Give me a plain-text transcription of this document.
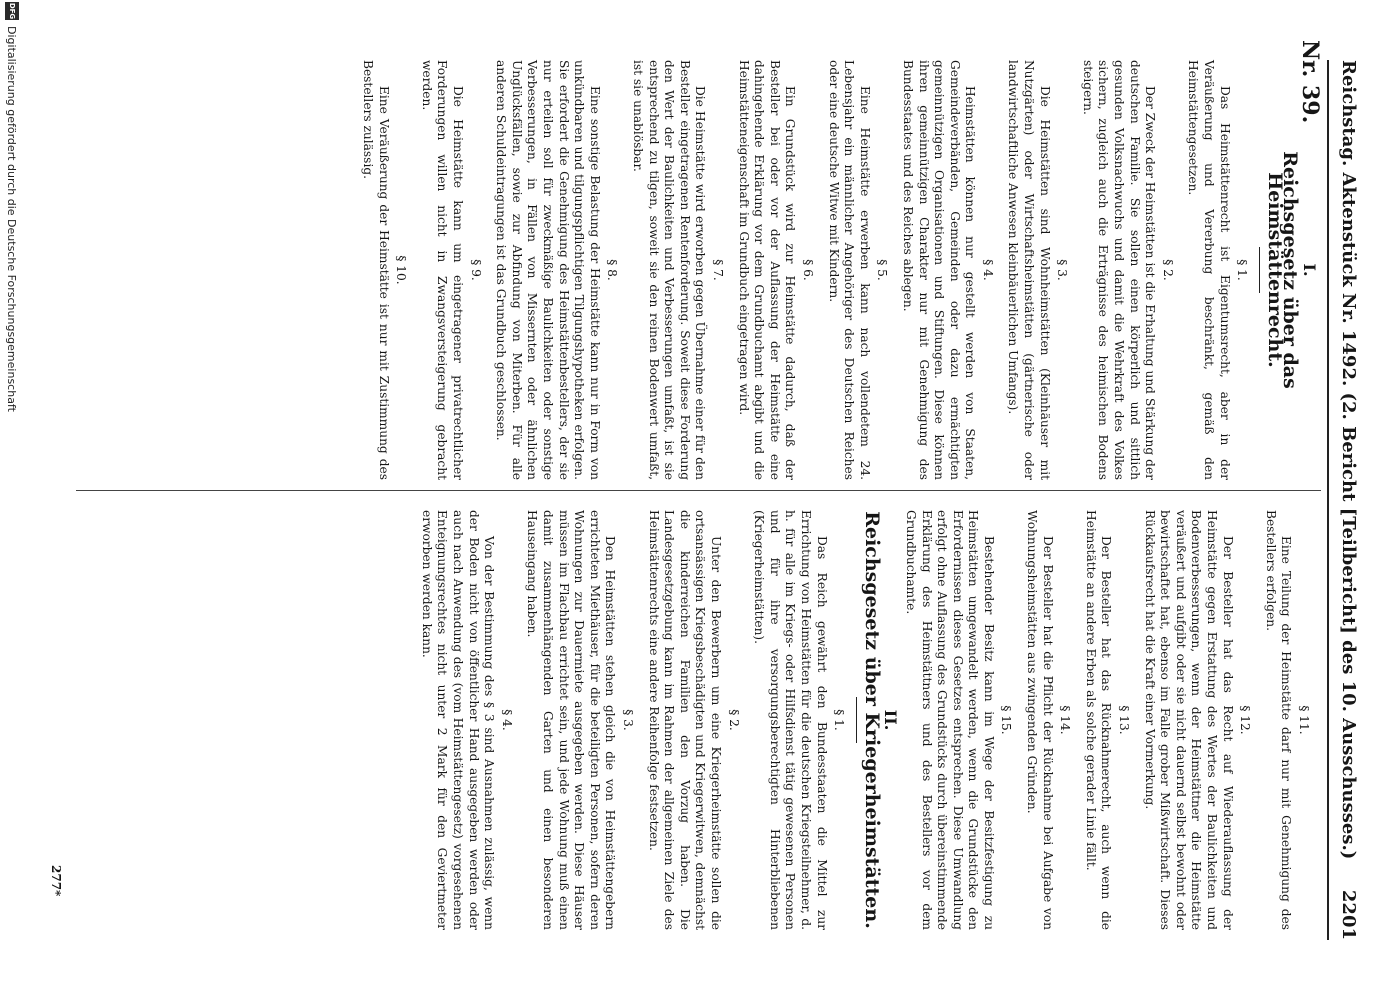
Reichstag. Aktenstück Nr. 1492. (2. Bericht [Teilbericht] des 10. Ausschusses.)
2201
Nr. 39.
I.
Reichsgesetz über das Heimstättenrecht.
§ 1.

Das Heimstättenrecht ist Eigentumsrecht, aber in der Veräußerung und Vererbung beschränkt, gemäß den Heimstättengesetzen.

§ 2.

Der Zweck der Heimstätten ist die Erhaltung und Stärkung der deutschen Familie. Sie sollen einen körperlich und sittlich gesunden Volksnachwuchs und damit die Wehrkraft des Volkes sichern, zugleich auch die Erträgnisse des heimischen Bodens steigern.

§ 3.

Die Heimstätten sind Wohnheimstätten (Kleinhäuser mit Nutzgärten) oder Wirtschaftsheimstätten (gärtnerische oder landwirtschaftliche Anwesen kleinbäuerlichen Umfangs).

§ 4.

Heimstätten können nur gestellt werden von Staaten, Gemeindeverbänden, Gemeinden oder dazu ermächtigten gemeinnützigen Organisationen und Stiftungen. Diese können ihren gemeinnützigen Charakter nur mit Genehmigung des Bundesstaates und des Reiches ablegen.

§ 5.

Eine Heimstätte erwerben kann nach vollendetem 24. Lebensjahr ein männlicher Angehöriger des Deutschen Reiches oder eine deutsche Witwe mit Kindern.

§ 6.

Ein Grundstück wird zur Heimstätte dadurch, daß der Besteller bei oder vor der Auflassung der Heimstätte eine dahingehende Erklärung vor dem Grundbuchamt abgibt und die Heimstätteneigenschaft im Grundbuch eingetragen wird.

§ 7.

Die Heimstätte wird erworben gegen Übernahme einer für den Besteller eingetragenen Rentenforderung. Soweit diese Forderung den Wert der Baulichkeiten und Verbesserungen umfaßt, ist sie entsprechend zu tilgen, soweit sie den reinen Bodenwert umfaßt, ist sie unablösbar.

§ 8.

Eine sonstige Belastung der Heimstätte kann nur in Form von unkündbaren und tilgungspflichtigen Tilgungshypotheken erfolgen. Sie erfordert die Genehmigung des Heimstättenbestellers, der sie nur erteilen soll für zweckmäßige Baulichkeiten oder sonstige Verbesserungen, in Fällen von Missernten oder ähnlichen Unglücksfällen, sowie zur Abfindung von Miterben. Für alle anderen Schuldeintragungen ist das Grundbuch geschlossen.

§ 9.

Die Heimstätte kann um eingetragener privatrechtlicher Forderungen willen nicht in Zwangsversteigerung gebracht werden.

§ 10.

Eine Veräußerung der Heimstätte ist nur mit Zustimmung des Bestellers zulässig.

§ 11.

Eine Teilung der Heimstätte darf nur mit Genehmigung des Bestellers erfolgen.

§ 12.

Der Besteller hat das Recht auf Wiederauflassung der Heimstätte gegen Erstattung des Wertes der Baulichkeiten und Bodenverbesserungen, wenn der Heimstättner die Heimstätte veräußert und aufgibt oder sie nicht dauernd selbst bewohnt oder bewirtschaftet hat, ebenso im Falle grober Mißwirtschaft. Dieses Rückkaufsrecht hat die Kraft einer Vormerkung.

§ 13.

Der Besteller hat das Rücknahmerecht, auch wenn die Heimstätte an andere Erben als solche gerader Linie fällt.

§ 14.

Der Besteller hat die Pflicht der Rücknahme bei Aufgabe von Wohnungsheimstätten aus zwingenden Gründen.

§ 15.

Bestehender Besitz kann im Wege der Besitzfestigung zu Heimstätten umgewandelt werden, wenn die Grundstücke den Erfordernissen dieses Gesetzes entsprechen. Diese Umwandlung erfolgt ohne Auflassung des Grundstücks durch übereinstimmende Erklärung des Heimstättners und des Bestellers vor dem Grundbuchamte.

II.
Reichsgesetz über Kriegerheimstätten.
§ 1.

Das Reich gewährt den Bundesstaaten die Mittel zur Errichtung von Heimstätten für die deutschen Kriegsteilnehmer, d. h. für alle im Kriegs- oder Hilfsdienst tätig gewesenen Personen und für ihre versorgungsberechtigten Hinterbliebenen (Kriegerheimstätten).

§ 2.

Unter den Bewerbern um eine Kriegerheimstätte sollen die ortsansässigen Kriegsbeschädigten und Kriegerwitwen, demnächst die kinderreichen Familien den Vorzug haben. Die Landesgesetzgebung kann im Rahmen der allgemeinen Ziele des Heimstättenrechts eine andere Reihenfolge festsetzen.

§ 3.

Den Heimstätten stehen gleich die von Heimstättengebern errichteten Miethäuser, für die beteiligten Personen, sofern deren Wohnungen zur Dauermiete ausgegeben werden. Diese Häuser müssen im Flachbau errichtet sein, und jede Wohnung muß einen damit zusammenhängenden Garten und einen besonderen Hauseingang haben.

§ 4.

Von der Bestimmung des § 3 sind Ausnahmen zulässig, wenn der Boden nicht von öffentlicher Hand ausgegeben werden oder auch nach Anwendung des (vom Heimstättengesetz) vorgesehenen Enteignungsrechtes nicht unter 2 Mark für den Geviertmeter erworben werden kann.

277*
DFG
Digitalisierung gefördert durch die Deutsche Forschungsgemeinschaft
